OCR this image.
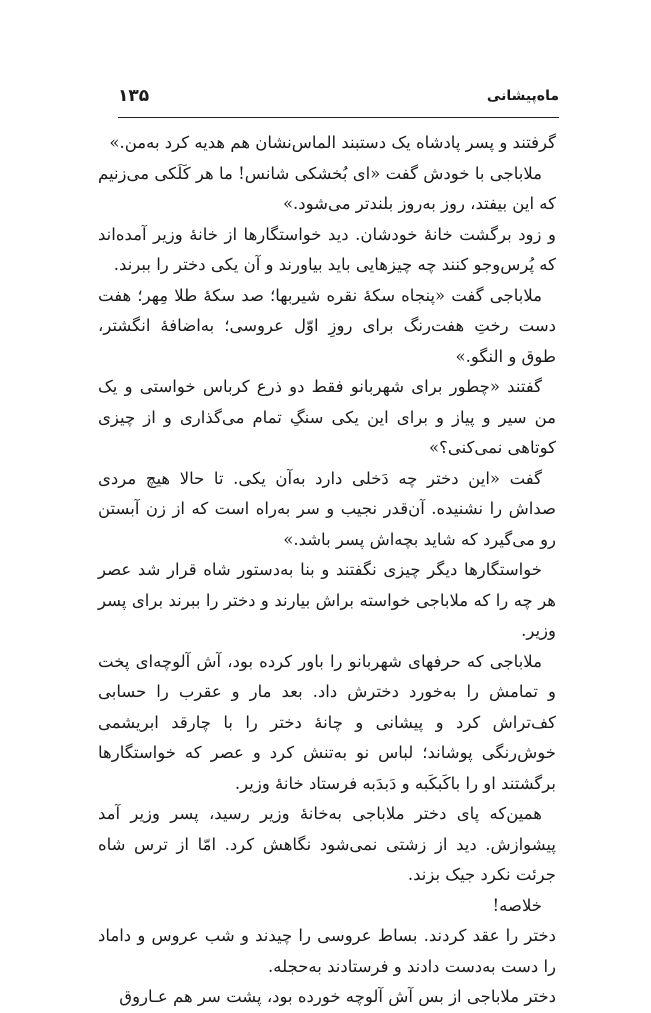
ماه‌پیشانی
۱۳۵

گرفتند و پسر پادشاه یک دستبند الماس‌نشان هم هدیه کرد به‌من.»

ملاباجی با خودش گفت «ای بُخشکی شانس! ما هر کَلَکی می‌زنیم که این بیفتد، روز به‌روز بلندتر می‌شود.»

و زود برگشت خانهٔ خودشان. دید خواستگارها از خانهٔ وزیر آمده‌اند که پُرس‌وجو کنند چه چیزهایی باید بیاورند و آن یکی دختر را ببرند.

ملاباجی گفت «پنجاه سکهٔ نقره شیربها؛ صد سکهٔ طلا مِهر؛ هفت دست رختِ هفت‌رنگ برای روزِ اوّل عروسی؛ به‌اضافهٔ انگشتر، طوق و النگو.»

گفتند «چطور برای شهربانو فقط دو ذرع کرباس خواستی و یک من سیر و پیاز و برای این یکی سنگِ تمام می‌گذاری و از چیزی کوتاهی نمی‌کنی؟»

گفت «این دختر چه دَخلی دارد به‌آن یکی. تا حالا هیچ مردی صداش را نشنیده. آن‌قدر نجیب و سر به‌راه است که از زن آبستن رو می‌گیرد که شاید بچه‌اش پسر باشد.»

خواستگارها دیگر چیزی نگفتند و بنا به‌دستور شاه قرار شد عصر هر چه را که ملاباجی خواسته براش بیارند و دختر را ببرند برای پسر وزیر.

ملاباجی که حرفهای شهربانو را باور کرده بود، آش آلوچه‌ای پخت و تمامش را به‌خورد دخترش داد. بعد مار و عقرب را حسابی کف‌تراش کرد و پیشانی و چانهٔ دختر را با چارقد ابریشمی خوش‌رنگی پوشاند؛ لباس نو به‌تنش کرد و عصر که خواستگارها برگشتند او را باکَبکَبه و دَبدَبه فرستاد خانهٔ وزیر.

همین‌که پای دختر ملاباجی به‌خانهٔ وزیر رسید، پسر وزیر آمد پیشوازش. دید از زشتی نمی‌شود نگاهش کرد. امّا از ترس شاه جرئت نکرد جیک بزند.

خلاصه!

دختر را عقد کردند. بساط عروسی را چیدند و شب عروس و داماد را دست به‌دست دادند و فرستادند به‌حجله.

دختر ملاباجی از بس آش آلوچه خورده بود، پشت سر هم عـاروق
